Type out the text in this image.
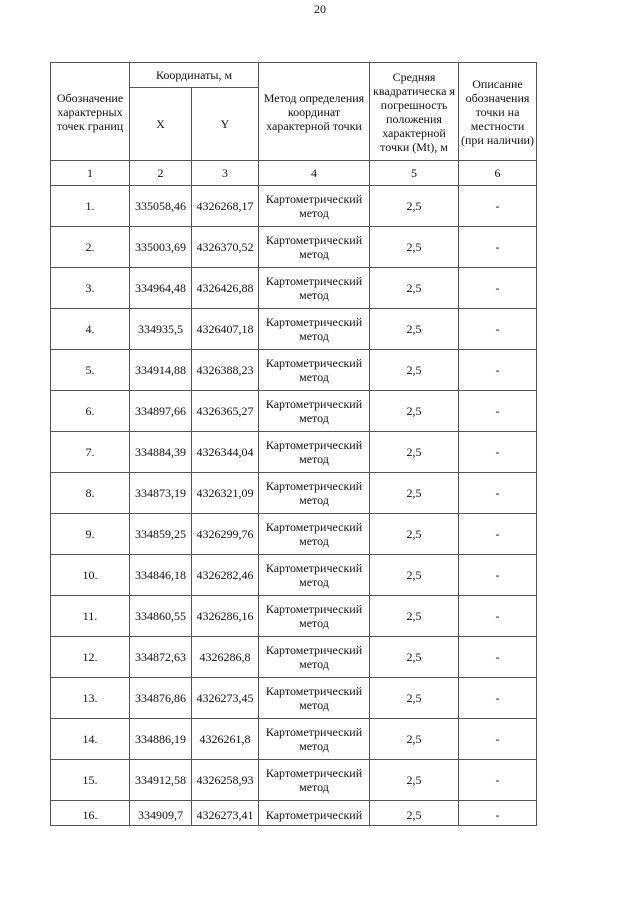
20
Обозначение характерных точек границ	Координаты, м		Метод определения координат характерной точки	Средняя квадратическа я погрешность положения характерной точки (Mt), м	Описание обозначения точки на местности (при наличии)
	X	Y			
1	2	3	4	5	6
1.	335058,46	4326268,17	Картометрический метод	2,5	-
2.	335003,69	4326370,52	Картометрический метод	2,5	-
3.	334964,48	4326426,88	Картометрический метод	2,5	-
4.	334935,5	4326407,18	Картометрический метод	2,5	-
5.	334914,88	4326388,23	Картометрический метод	2,5	-
6.	334897,66	4326365,27	Картометрический метод	2,5	-
7.	334884,39	4326344,04	Картометрический метод	2,5	-
8.	334873,19	4326321,09	Картометрический метод	2,5	-
9.	334859,25	4326299,76	Картометрический метод	2,5	-
10.	334846,18	4326282,46	Картометрический метод	2,5	-
11.	334860,55	4326286,16	Картометрический метод	2,5	-
12.	334872,63	4326286,8	Картометрический метод	2,5	-
13.	334876,86	4326273,45	Картометрический метод	2,5	-
14.	334886,19	4326261,8	Картометрический метод	2,5	-
15.	334912,58	4326258,93	Картометрический метод	2,5	-
16.	334909,7	4326273,41	Картометрический	2,5	-
